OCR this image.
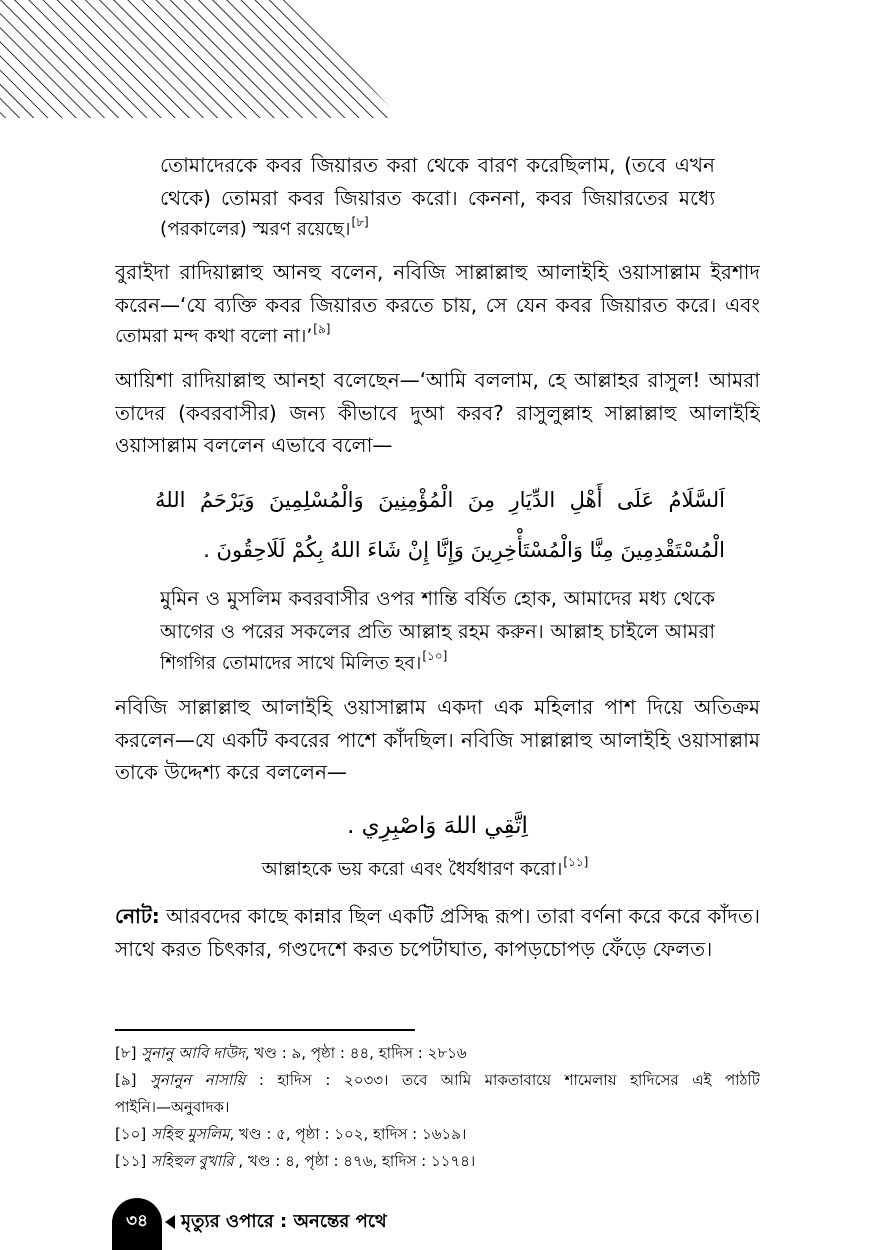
তোমাদেরকে কবর জিয়ারত করা থেকে বারণ করেছিলাম, (তবে এখন
থেকে) তোমরা কবর জিয়ারত করো। কেননা, কবর জিয়ারতের মধ্যে
(পরকালের) স্মরণ রয়েছে।[৮]
বুরাইদা রাদিয়াল্লাহু আনহু বলেন, নবিজি সাল্লাল্লাহু আলাইহি ওয়াসাল্লাম ইরশাদ
করেন—‘যে ব্যক্তি কবর জিয়ারত করতে চায়, সে যেন কবর জিয়ারত করে। এবং
তোমরা মন্দ কথা বলো না।’[৯]
আয়িশা রাদিয়াল্লাহু আনহা বলেছেন—‘আমি বললাম, হে আল্লাহর রাসুল! আমরা
তাদের (কবরবাসীর) জন্য কীভাবে দুআ করব? রাসুলুল্লাহ সাল্লাল্লাহু আলাইহি
ওয়াসাল্লাম বললেন এভাবে বলো—
اَلسَّلَامُ عَلَى أَهْلِ الدِّيَارِ مِنَ الْمُؤْمِنِينَ وَالْمُسْلِمِينَ وَيَرْحَمُ اللهُ
الْمُسْتَقْدِمِينَ مِنَّا وَالْمُسْتَأْخِرِينَ وَإِنَّا إِنْ شَاءَ اللهُ بِكُمْ لَلَاحِقُونَ .
মুমিন ও মুসলিম কবরবাসীর ওপর শান্তি বর্ষিত হোক, আমাদের মধ্য থেকে
আগের ও পরের সকলের প্রতি আল্লাহ রহম করুন। আল্লাহ চাইলে আমরা
শিগগির তোমাদের সাথে মিলিত হব।[১০]
নবিজি সাল্লাল্লাহু আলাইহি ওয়াসাল্লাম একদা এক মহিলার পাশ দিয়ে অতিক্রম
করলেন—যে একটি কবরের পাশে কাঁদছিল। নবিজি সাল্লাল্লাহু আলাইহি ওয়াসাল্লাম
তাকে উদ্দেশ্য করে বললেন—
اِتَّقِي اللهَ وَاصْبِرِي .
আল্লাহকে ভয় করো এবং ধৈর্যধারণ করো।[১১]
নোট: আরবদের কাছে কান্নার ছিল একটি প্রসিদ্ধ রূপ। তারা বর্ণনা করে করে কাঁদত।
সাথে করত চিৎকার, গণ্ডদেশে করত চপেটাঘাত, কাপড়চোপড় ফেঁড়ে ফেলত।
[৮] সুনানু আবি দাউদ, খণ্ড : ৯, পৃষ্ঠা : ৪৪, হাদিস : ২৮১৬
[৯] সুনানুন নাসায়ি : হাদিস : ২০৩৩। তবে আমি মাকতাবায়ে শামেলায় হাদিসের এই পাঠটি
পাইনি।—অনুবাদক।
[১০] সহিহু মুসলিম, খণ্ড : ৫, পৃষ্ঠা : ১০২, হাদিস : ১৬১৯।
[১১] সহিহুল বুখারি , খণ্ড : ৪, পৃষ্ঠা : ৪৭৬, হাদিস : ১১৭৪।
৩৪	মৃত্যুর ওপারে : অনন্তের পথে
